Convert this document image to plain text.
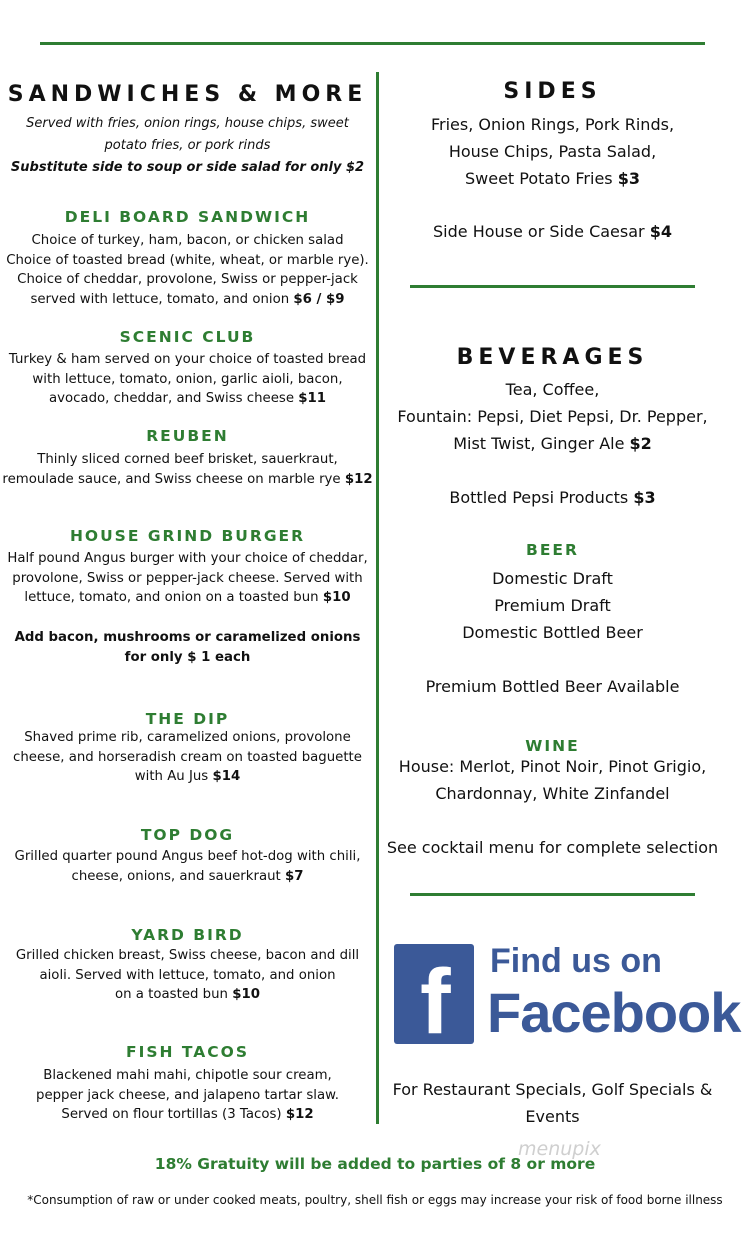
SANDWICHES & MORE
Served with fries, onion rings, house chips, sweet
potato fries, or pork rinds
Substitute side to soup or side salad for only $2
DELI BOARD SANDWICH
Choice of turkey, ham, bacon, or chicken salad
Choice of toasted bread (white, wheat, or marble rye).
Choice of cheddar, provolone, Swiss or pepper-jack
served with lettuce, tomato, and onion $6 / $9
SCENIC CLUB
Turkey & ham served on your choice of toasted bread
with lettuce, tomato, onion, garlic aioli, bacon,
avocado, cheddar, and Swiss cheese $11
REUBEN
Thinly sliced corned beef brisket, sauerkraut,
remoulade sauce, and Swiss cheese on marble rye $12
HOUSE GRIND BURGER
Half pound Angus burger with your choice of cheddar,
provolone, Swiss or pepper-jack cheese. Served with
lettuce, tomato, and onion on a toasted bun $10
Add bacon, mushrooms or caramelized onions
for only $ 1 each
THE DIP
Shaved prime rib, caramelized onions, provolone
cheese, and horseradish cream on toasted baguette
with Au Jus $14
TOP DOG
Grilled quarter pound Angus beef hot-dog with chili,
cheese, onions, and sauerkraut $7
YARD BIRD
Grilled chicken breast, Swiss cheese, bacon and dill
aioli. Served with lettuce, tomato, and onion
on a toasted bun $10
FISH TACOS
Blackened mahi mahi, chipotle sour cream,
pepper jack cheese, and jalapeno tartar slaw.
Served on flour tortillas (3 Tacos) $12
SIDES
Fries, Onion Rings, Pork Rinds,
House Chips, Pasta Salad,
Sweet Potato Fries $3
Side House or Side Caesar $4
BEVERAGES
Tea, Coffee,
Fountain: Pepsi, Diet Pepsi, Dr. Pepper,
Mist Twist, Ginger Ale $2
Bottled Pepsi Products $3
BEER
Domestic Draft
Premium Draft
Domestic Bottled Beer
Premium Bottled Beer Available
WINE
House: Merlot, Pinot Noir, Pinot Grigio,
Chardonnay, White Zinfandel
See cocktail menu for complete selection
For Restaurant Specials, Golf Specials &
Events
f Find us on
Facebook
menupix
18% Gratuity will be added to parties of 8 or more
*Consumption of raw or under cooked meats, poultry, shell fish or eggs may increase your risk of food borne illness
